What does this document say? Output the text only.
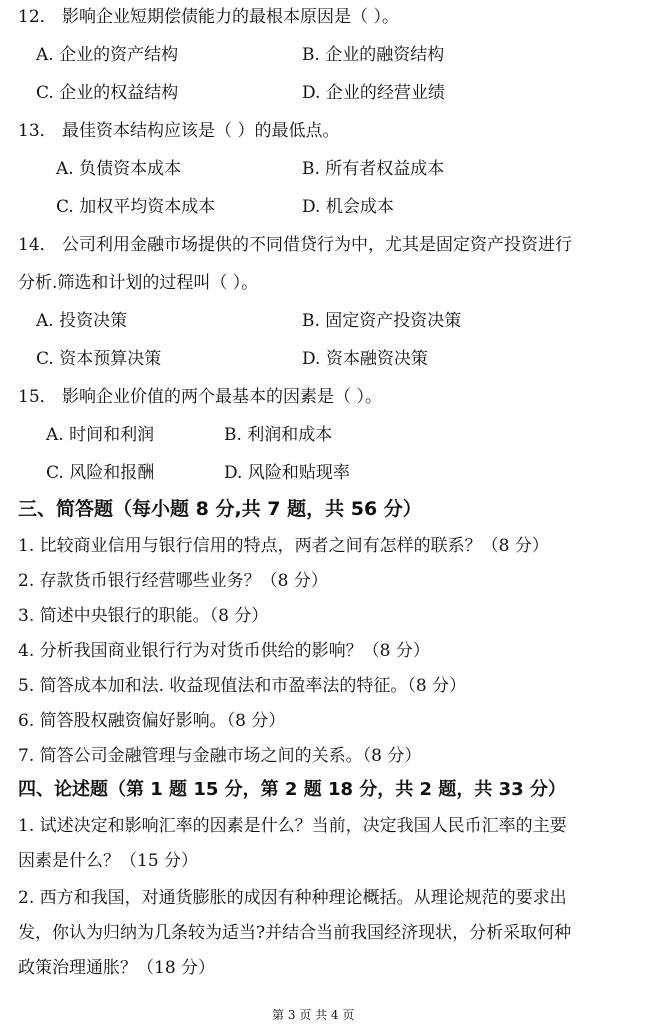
12． 影响企业短期偿债能力的最根本原因是（ ）。
A. 企业的资产结构	B. 企业的融资结构
C. 企业的权益结构	D. 企业的经营业绩
13． 最佳资本结构应该是（ ）的最低点。
A. 负债资本成本	B. 所有者权益成本
C. 加权平均资本成本	D. 机会成本
14． 公司利用金融市场提供的不同借贷行为中，尤其是固定资产投资进行
分析.筛选和计划的过程叫（ ）。
A. 投资决策	B. 固定资产投资决策
C. 资本预算决策	D. 资本融资决策
15． 影响企业价值的两个最基本的因素是（ ）。
A. 时间和利润	B. 利润和成本
C. 风险和报酬	D. 风险和贴现率
三、简答题（每小题 8 分,共 7 题，共 56 分）
1. 比较商业信用与银行信用的特点，两者之间有怎样的联系？（8 分）
2. 存款货币银行经营哪些业务？（8 分）
3. 简述中央银行的职能。（8 分）
4. 分析我国商业银行行为对货币供给的影响？（8 分）
5. 简答成本加和法. 收益现值法和市盈率法的特征。（8 分）
6. 简答股权融资偏好影响。（8 分）
7. 简答公司金融管理与金融市场之间的关系。（8 分）
四、论述题（第 1 题 15 分，第 2 题 18 分，共 2 题，共 33 分）
1. 试述决定和影响汇率的因素是什么？当前，决定我国人民币汇率的主要
因素是什么？（15 分）
2. 西方和我国，对通货膨胀的成因有种种理论概括。从理论规范的要求出
发，你认为归纳为几条较为适当?并结合当前我国经济现状，分析采取何种
政策治理通胀？（18 分）
第 3 页 共 4 页
